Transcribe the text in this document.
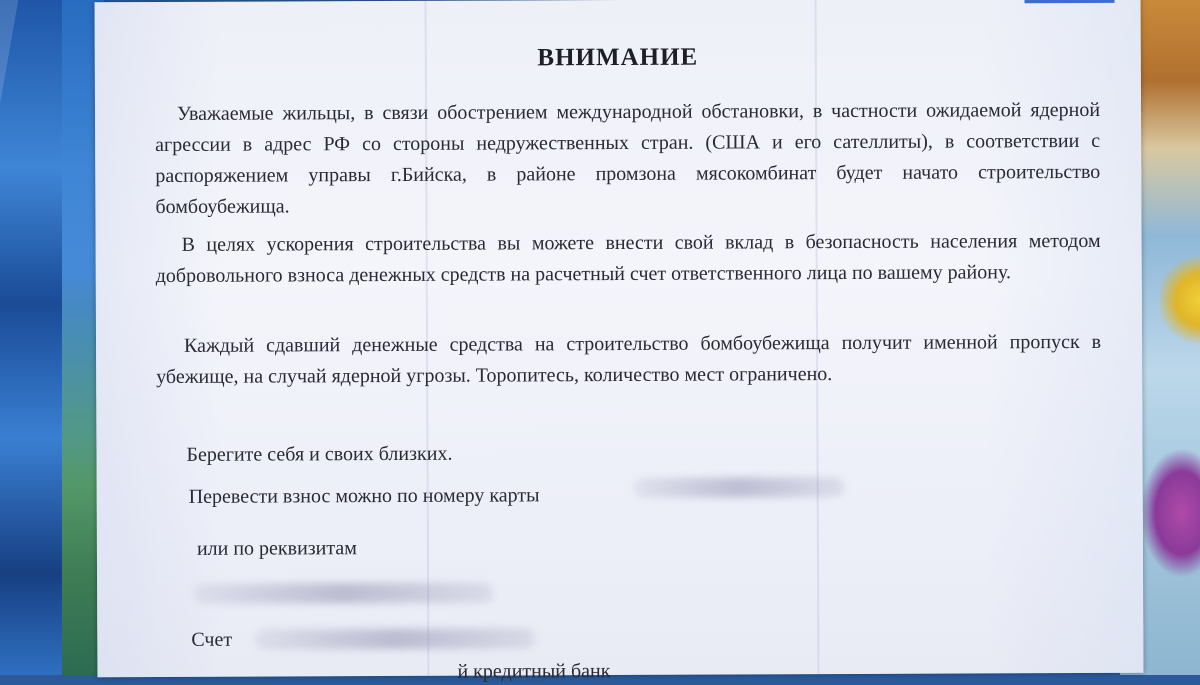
ВНИМАНИЕ
Уважаемые жильцы, в связи обострением международной обстановки, в частности ожидаемой ядерной агрессии в адрес РФ со стороны недружественных стран. (США и его сателлиты), в соответствии с распоряжением управы г.Бийска, в районе промзона мясокомбинат будет начато строительство бомбоубежища.
В целях ускорения строительства вы можете внести свой вклад в безопасность населения методом добровольного взноса денежных средств на расчетный счет ответственного лица по вашему району.
Каждый сдавший денежные средства на строительство бомбоубежища получит именной пропуск в убежище, на случай ядерной угрозы. Торопитесь, количество мест ограничено.
Берегите себя и своих близких.
Перевести взнос можно по номеру карты
или по реквизитам
Счет
й кредитный банк
